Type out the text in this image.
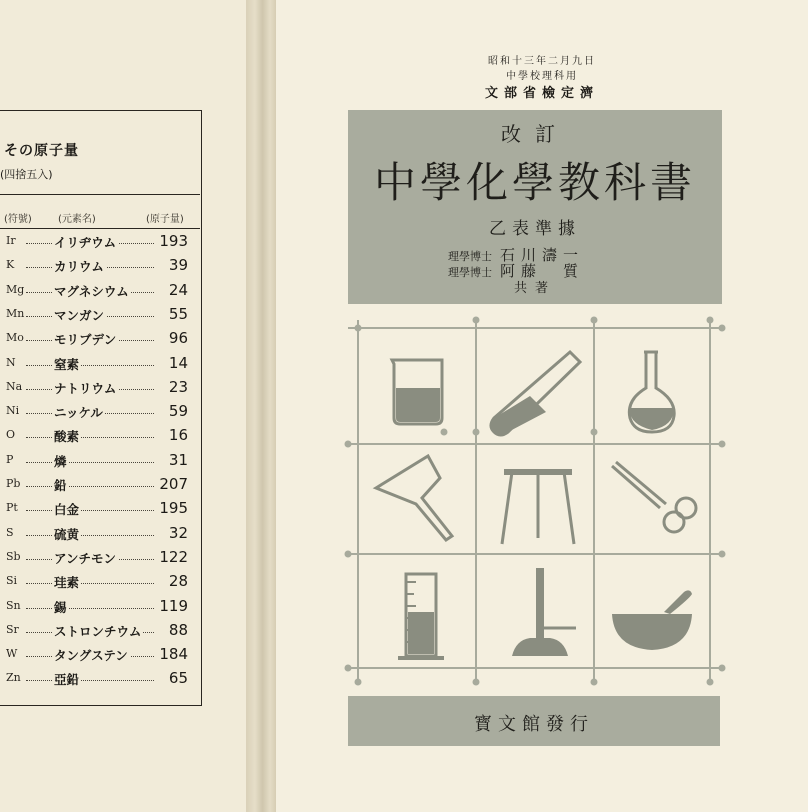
その原子量
(四捨五入)
(符號)	(元素名)	(原子量)
Ir	イリヂウム	193
K	カリウム	39
Mg マグネシウム	24
Mn マンガン	55
Mo モリブデン	96
N	窒素	14
Na	ナトリウム	23
Ni	ニッケル	59
O	酸素	16
P	燐	31
Pb	鉛	207
Pt	白金	195
S	硫黄	32
Sb	アンチモン	122
Si	珪素	28
Sn	錫	119
Sr	ストロンチウム 88
W	タングステン 184
Zn	亞鉛	65
昭和十三年二月九日
中學校理科用
文部省檢定濟
改訂
中學化學教科書
乙表準據
理學博士 石川濤一
理學博士 阿藤　質
共著
寳文館發行
